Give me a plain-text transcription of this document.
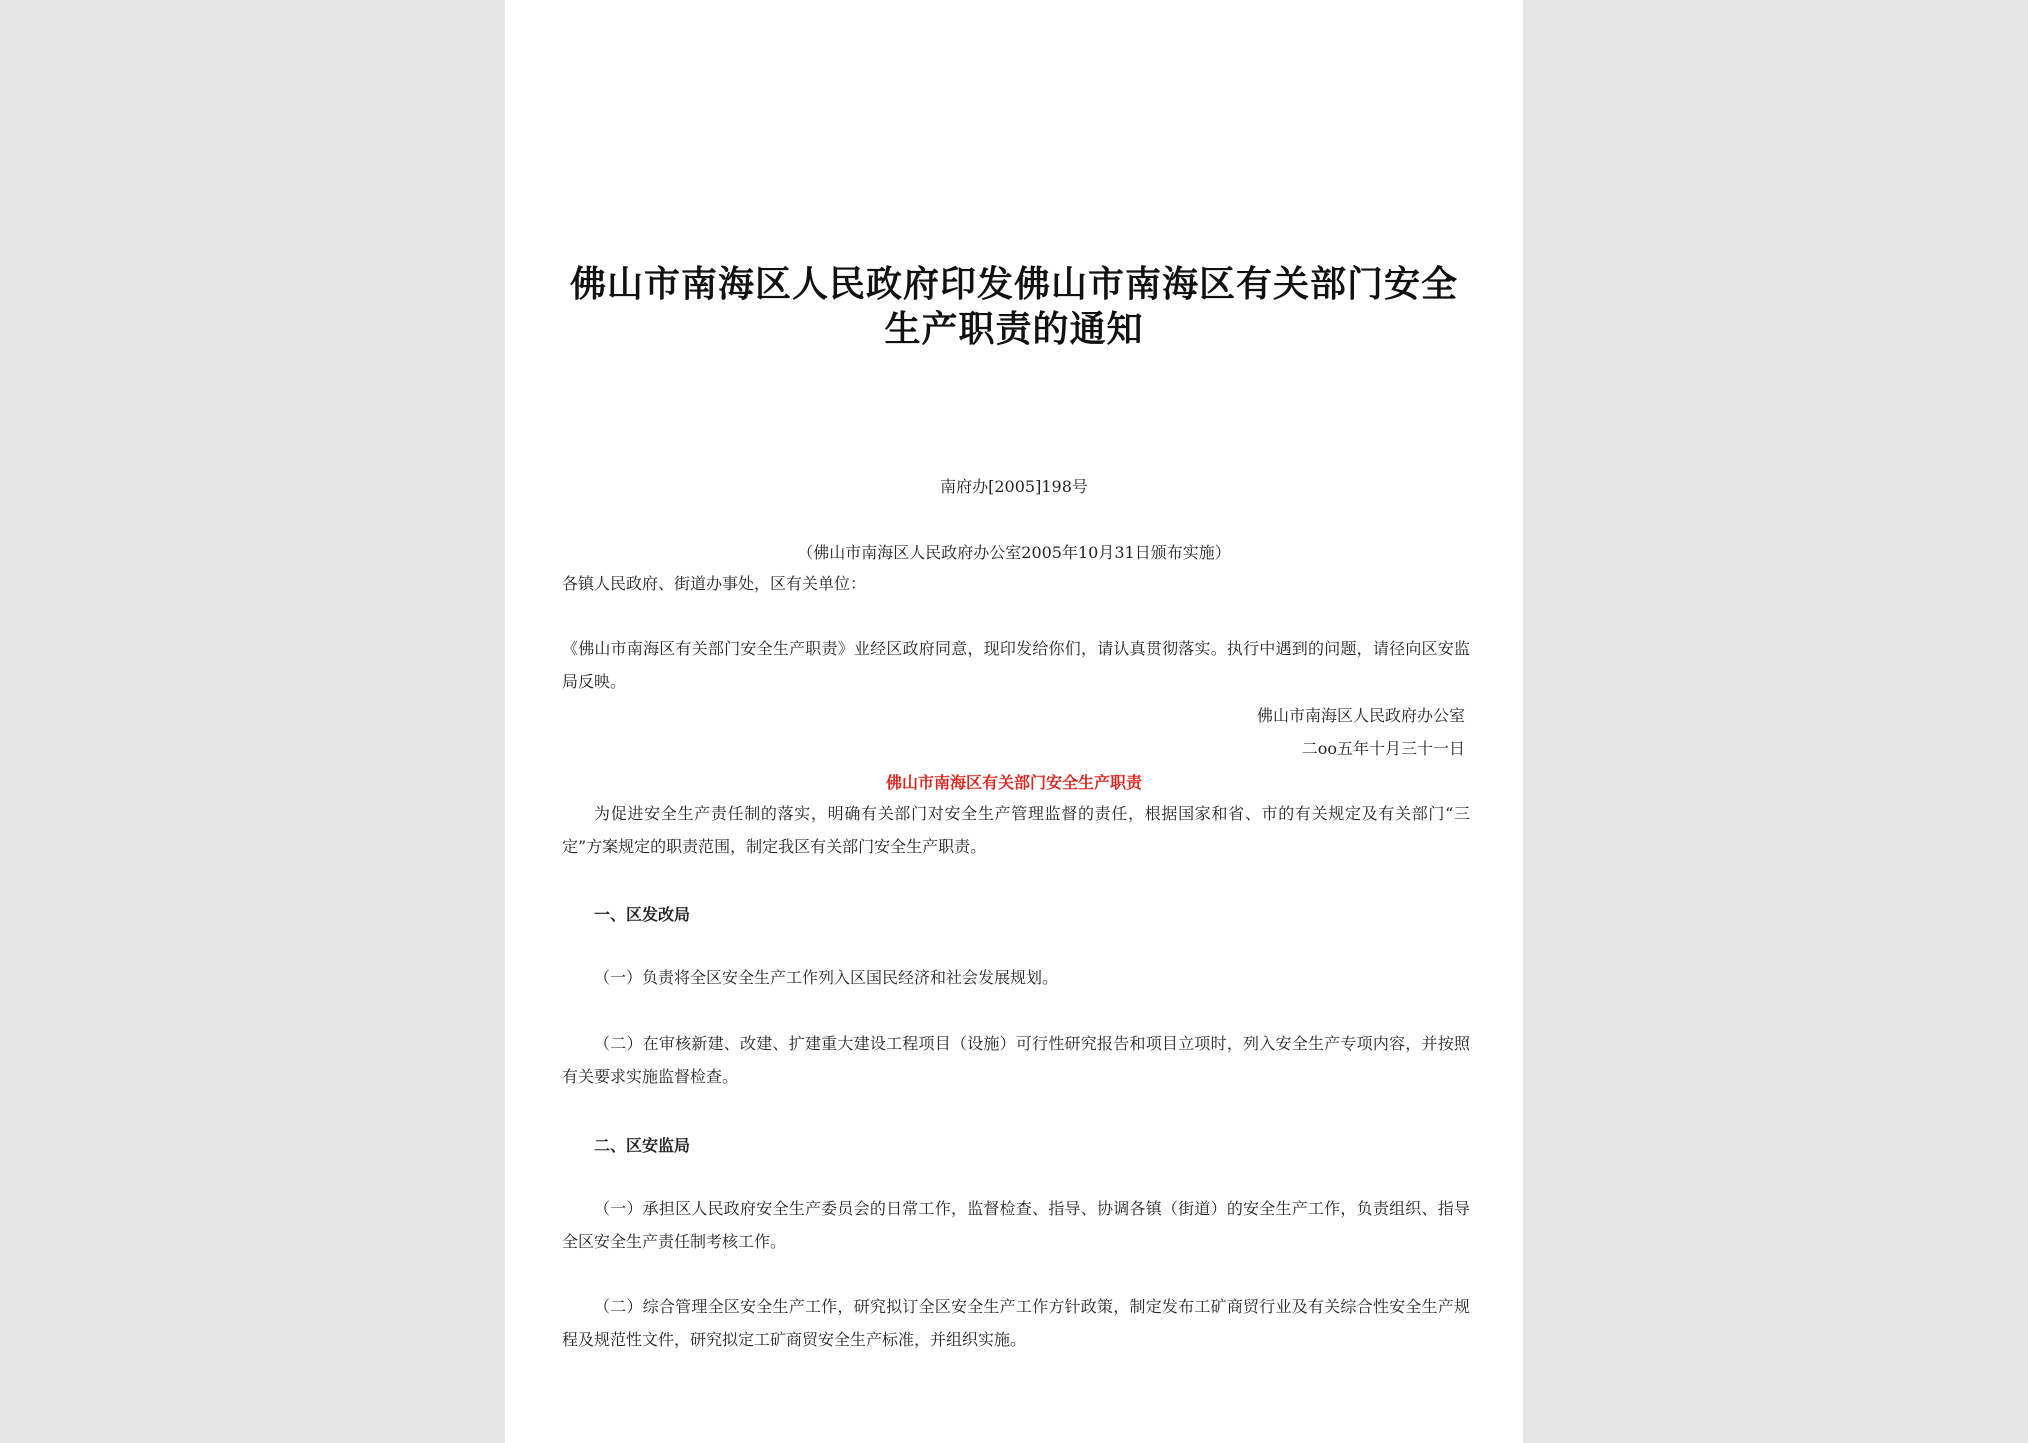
佛山市南海区人民政府印发佛山市南海区有关部门安全
生产职责的通知
南府办[2005]198号
（佛山市南海区人民政府办公室2005年10月31日颁布实施）
各镇人民政府、街道办事处，区有关单位：
《佛山市南海区有关部门安全生产职责》业经区政府同意，现印发给你们，请认真贯彻落实。执行中遇到的问题，请径向区安监局反映。
佛山市南海区人民政府办公室
二oo五年十月三十一日
佛山市南海区有关部门安全生产职责
为促进安全生产责任制的落实，明确有关部门对安全生产管理监督的责任，根据国家和省、市的有关规定及有关部门“三定”方案规定的职责范围，制定我区有关部门安全生产职责。
一、区发改局
（一）负责将全区安全生产工作列入区国民经济和社会发展规划。
（二）在审核新建、改建、扩建重大建设工程项目（设施）可行性研究报告和项目立项时，列入安全生产专项内容，并按照有关要求实施监督检查。
二、区安监局
（一）承担区人民政府安全生产委员会的日常工作，监督检查、指导、协调各镇（街道）的安全生产工作，负责组织、指导全区安全生产责任制考核工作。
（二）综合管理全区安全生产工作，研究拟订全区安全生产工作方针政策，制定发布工矿商贸行业及有关综合性安全生产规程及规范性文件，研究拟定工矿商贸安全生产标准，并组织实施。
